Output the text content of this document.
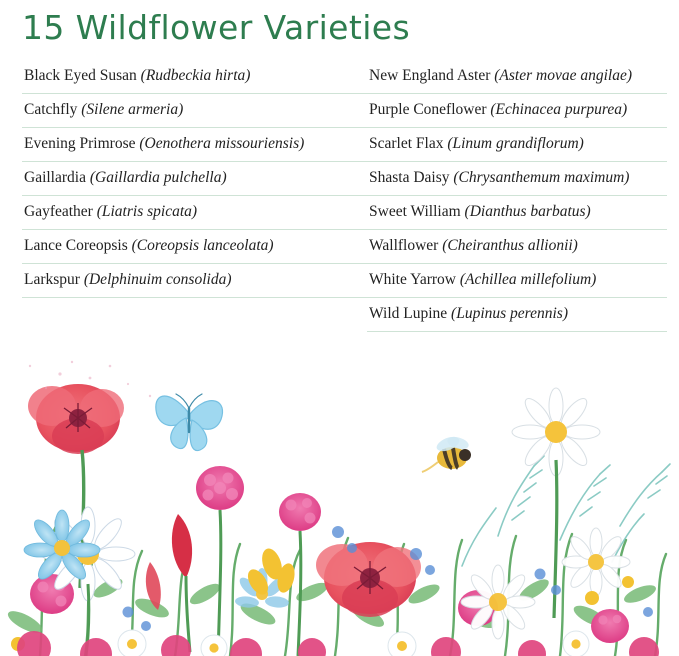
15 Wildflower Varieties
Black Eyed Susan (Rudbeckia hirta)
Catchfly (Silene armeria)
Evening Primrose (Oenothera missouriensis)
Gaillardia (Gaillardia pulchella)
Gayfeather (Liatris spicata)
Lance Coreopsis (Coreopsis lanceolata)
Larkspur (Delphinuim consolida)
New England Aster (Aster movae angilae)
Purple Coneflower (Echinacea purpurea)
Scarlet Flax (Linum grandiflorum)
Shasta Daisy (Chrysanthemum maximum)
Sweet William (Dianthus barbatus)
Wallflower (Cheiranthus allionii)
White Yarrow (Achillea millefolium)
Wild Lupine (Lupinus perennis)
